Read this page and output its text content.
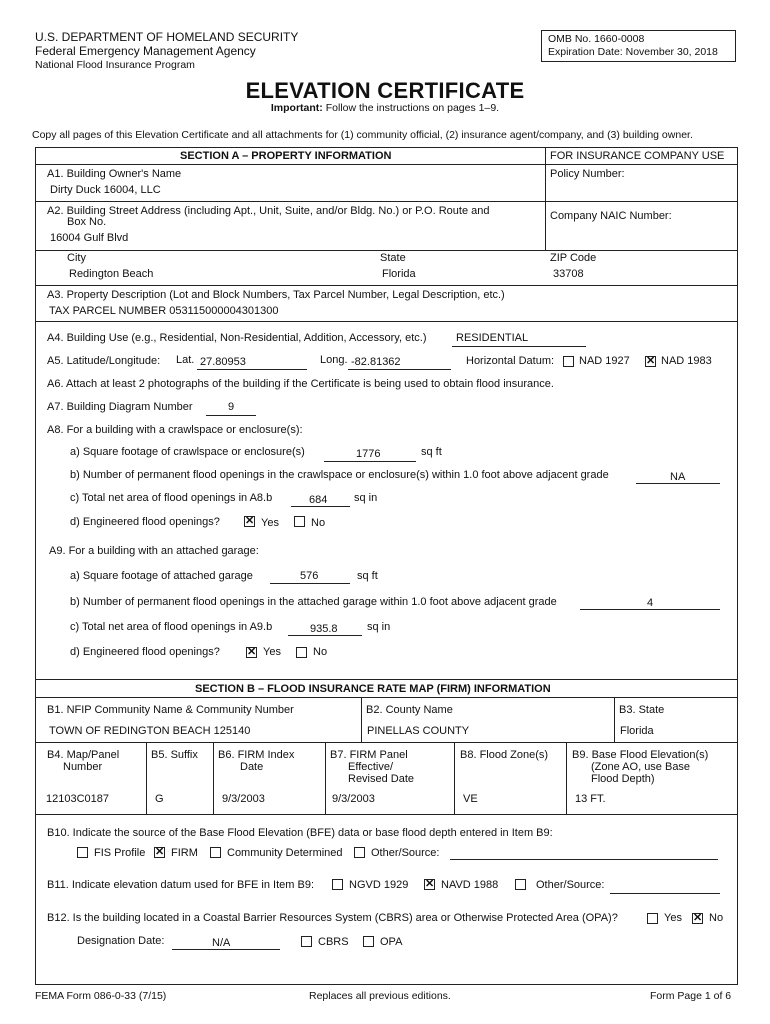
U.S. DEPARTMENT OF HOMELAND SECURITY
Federal Emergency Management Agency
National Flood Insurance Program
OMB No. 1660-0008
Expiration Date: November 30, 2018
ELEVATION CERTIFICATE
Important: Follow the instructions on pages 1–9.
Copy all pages of this Elevation Certificate and all attachments for (1) community official, (2) insurance agent/company, and (3) building owner.
SECTION A – PROPERTY INFORMATION	FOR INSURANCE COMPANY USE
Policy Number:
Company NAIC Number:
A1. Building Owner's Name
Dirty Duck 16004, LLC
A2. Building Street Address (including Apt., Unit, Suite, and/or Bldg. No.) or P.O. Route and
Box No.
16004 Gulf Blvd
City
Redington Beach
State
Florida
ZIP Code
33708
A3. Property Description (Lot and Block Numbers, Tax Parcel Number, Legal Description, etc.)
TAX PARCEL NUMBER 053115000004301300
A4. Building Use (e.g., Residential, Non-Residential, Addition, Accessory, etc.)	RESIDENTIAL
A5. Latitude/Longitude: Lat. 27.80953	Long. -82.81362	Horizontal Datum: NAD 1927 ✕ NAD 1983
A6. Attach at least 2 photographs of the building if the Certificate is being used to obtain flood insurance.
A7. Building Diagram Number	9
A8. For a building with a crawlspace or enclosure(s):
a) Square footage of crawlspace or enclosure(s)	1776	sq ft
b) Number of permanent flood openings in the crawlspace or enclosure(s) within 1.0 foot above adjacent grade	NA
c) Total net area of flood openings in A8.b	684 sq in
d) Engineered flood openings? ✕ Yes	No
A9. For a building with an attached garage:
a) Square footage of attached garage	576	sq ft
b) Number of permanent flood openings in the attached garage within 1.0 foot above adjacent grade	4
c) Total net area of flood openings in A9.b	935.8	sq in
d) Engineered flood openings? ✕ Yes	No
SECTION B – FLOOD INSURANCE RATE MAP (FIRM) INFORMATION
B1. NFIP Community Name & Community Number
TOWN OF REDINGTON BEACH 125140
B2. County Name
PINELLAS COUNTY
B3. State
Florida
B4. Map/Panel
Number
12103C0187
B5. Suffix
G
B6. FIRM Index
Date
9/3/2003
B7. FIRM Panel
Effective/
Revised Date
9/3/2003
B8. Flood Zone(s)
VE
B9. Base Flood Elevation(s)
(Zone AO, use Base
Flood Depth)
13 FT.
B10. Indicate the source of the Base Flood Elevation (BFE) data or base flood depth entered in Item B9:
FIS Profile ✕ FIRM	Community Determined	Other/Source:
B11. Indicate elevation datum used for BFE in Item B9:	NGVD 1929 ✕ NAVD 1988	Other/Source:
B12. Is the building located in a Coastal Barrier Resources System (CBRS) area or Otherwise Protected Area (OPA)?	Yes ✕ No
Designation Date:	N/A	CBRS	OPA
FEMA Form 086-0-33 (7/15)	Replaces all previous editions.	Form Page 1 of 6
